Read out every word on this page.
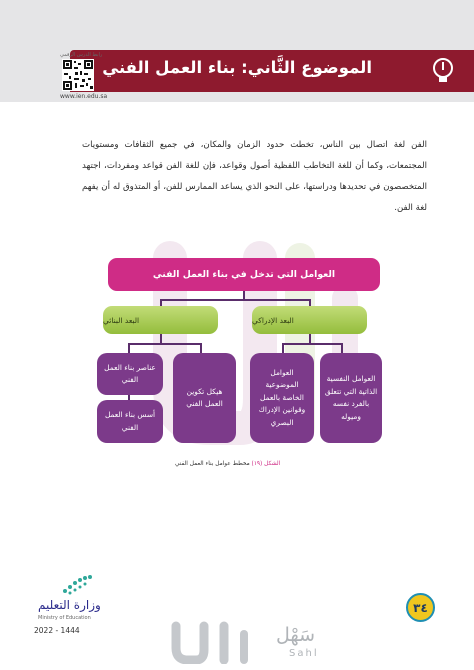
الموضوع الثَّاني: بناء العمل الفني
رابط الدرس الرقمي
www.ien.edu.sa
الفن لغة اتصال بين الناس، تخطت حدود الزمان والمكان، في جميع الثقافات ومستويات المجتمعات، وكما أن للغة التخاطب اللفظية أصول وقواعد، فإن للغة الفن قواعد ومفردات، اجتهد المتخصصون في تحديدها ودراستها، على النحو الذي يساعد الممارس للفن، أو المتذوق له أن يفهم لغة الفن.
العوامل التي تدخل في بناء العمل الفني
البعد الإدراكي
البعد البنائي
العوامل النفسية الذاتية التي تتعلق بالفرد نفسه وميوله
العوامل الموضوعية الخاصة بالعمل وقوانين الإدراك البصري
هيكل تكوين العمل الفني
عناصر بناء العمل الفني
أسس بناء العمل الفني
الشكل (١٩) مخطط عوامل بناء العمل الفني
وزارة التعليم
Ministry of Education
2022 - 1444
٣٤
سَهْل
Sahl
